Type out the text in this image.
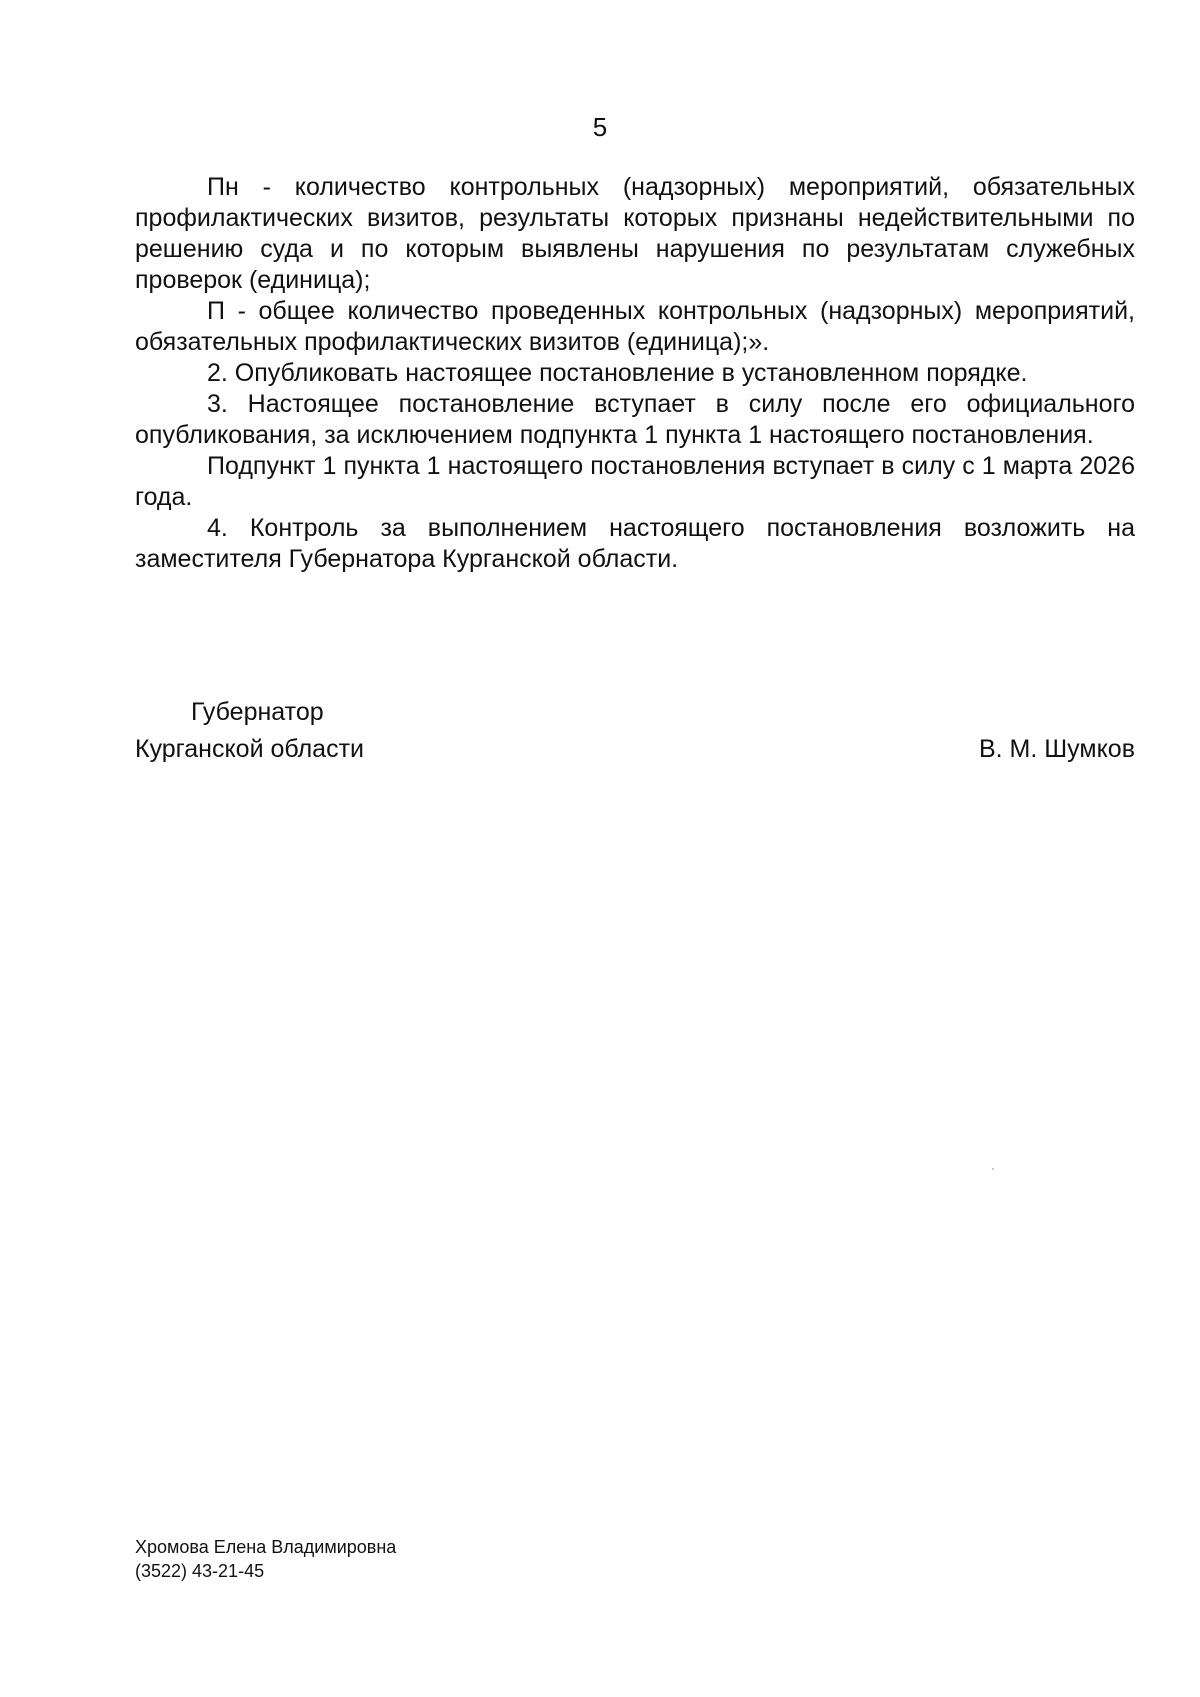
5

Пн - количество контрольных (надзорных) мероприятий, обязательных профилактических визитов, результаты которых признаны недействительными по решению суда и по которым выявлены нарушения по результатам служебных проверок (единица);

П - общее количество проведенных контрольных (надзорных) мероприятий, обязательных профилактических визитов (единица);».

2. Опубликовать настоящее постановление в установленном порядке.

3. Настоящее постановление вступает в силу после его официального опубликования, за исключением подпункта 1 пункта 1 настоящего постановления.

Подпункт 1 пункта 1 настоящего постановления вступает в силу с 1 марта 2026 года.

4. Контроль за выполнением настоящего постановления возложить на заместителя Губернатора Курганской области.

Губернатор
Курганской области	В. М. Шумков
Хромова Елена Владимировна
(3522) 43-21-45
